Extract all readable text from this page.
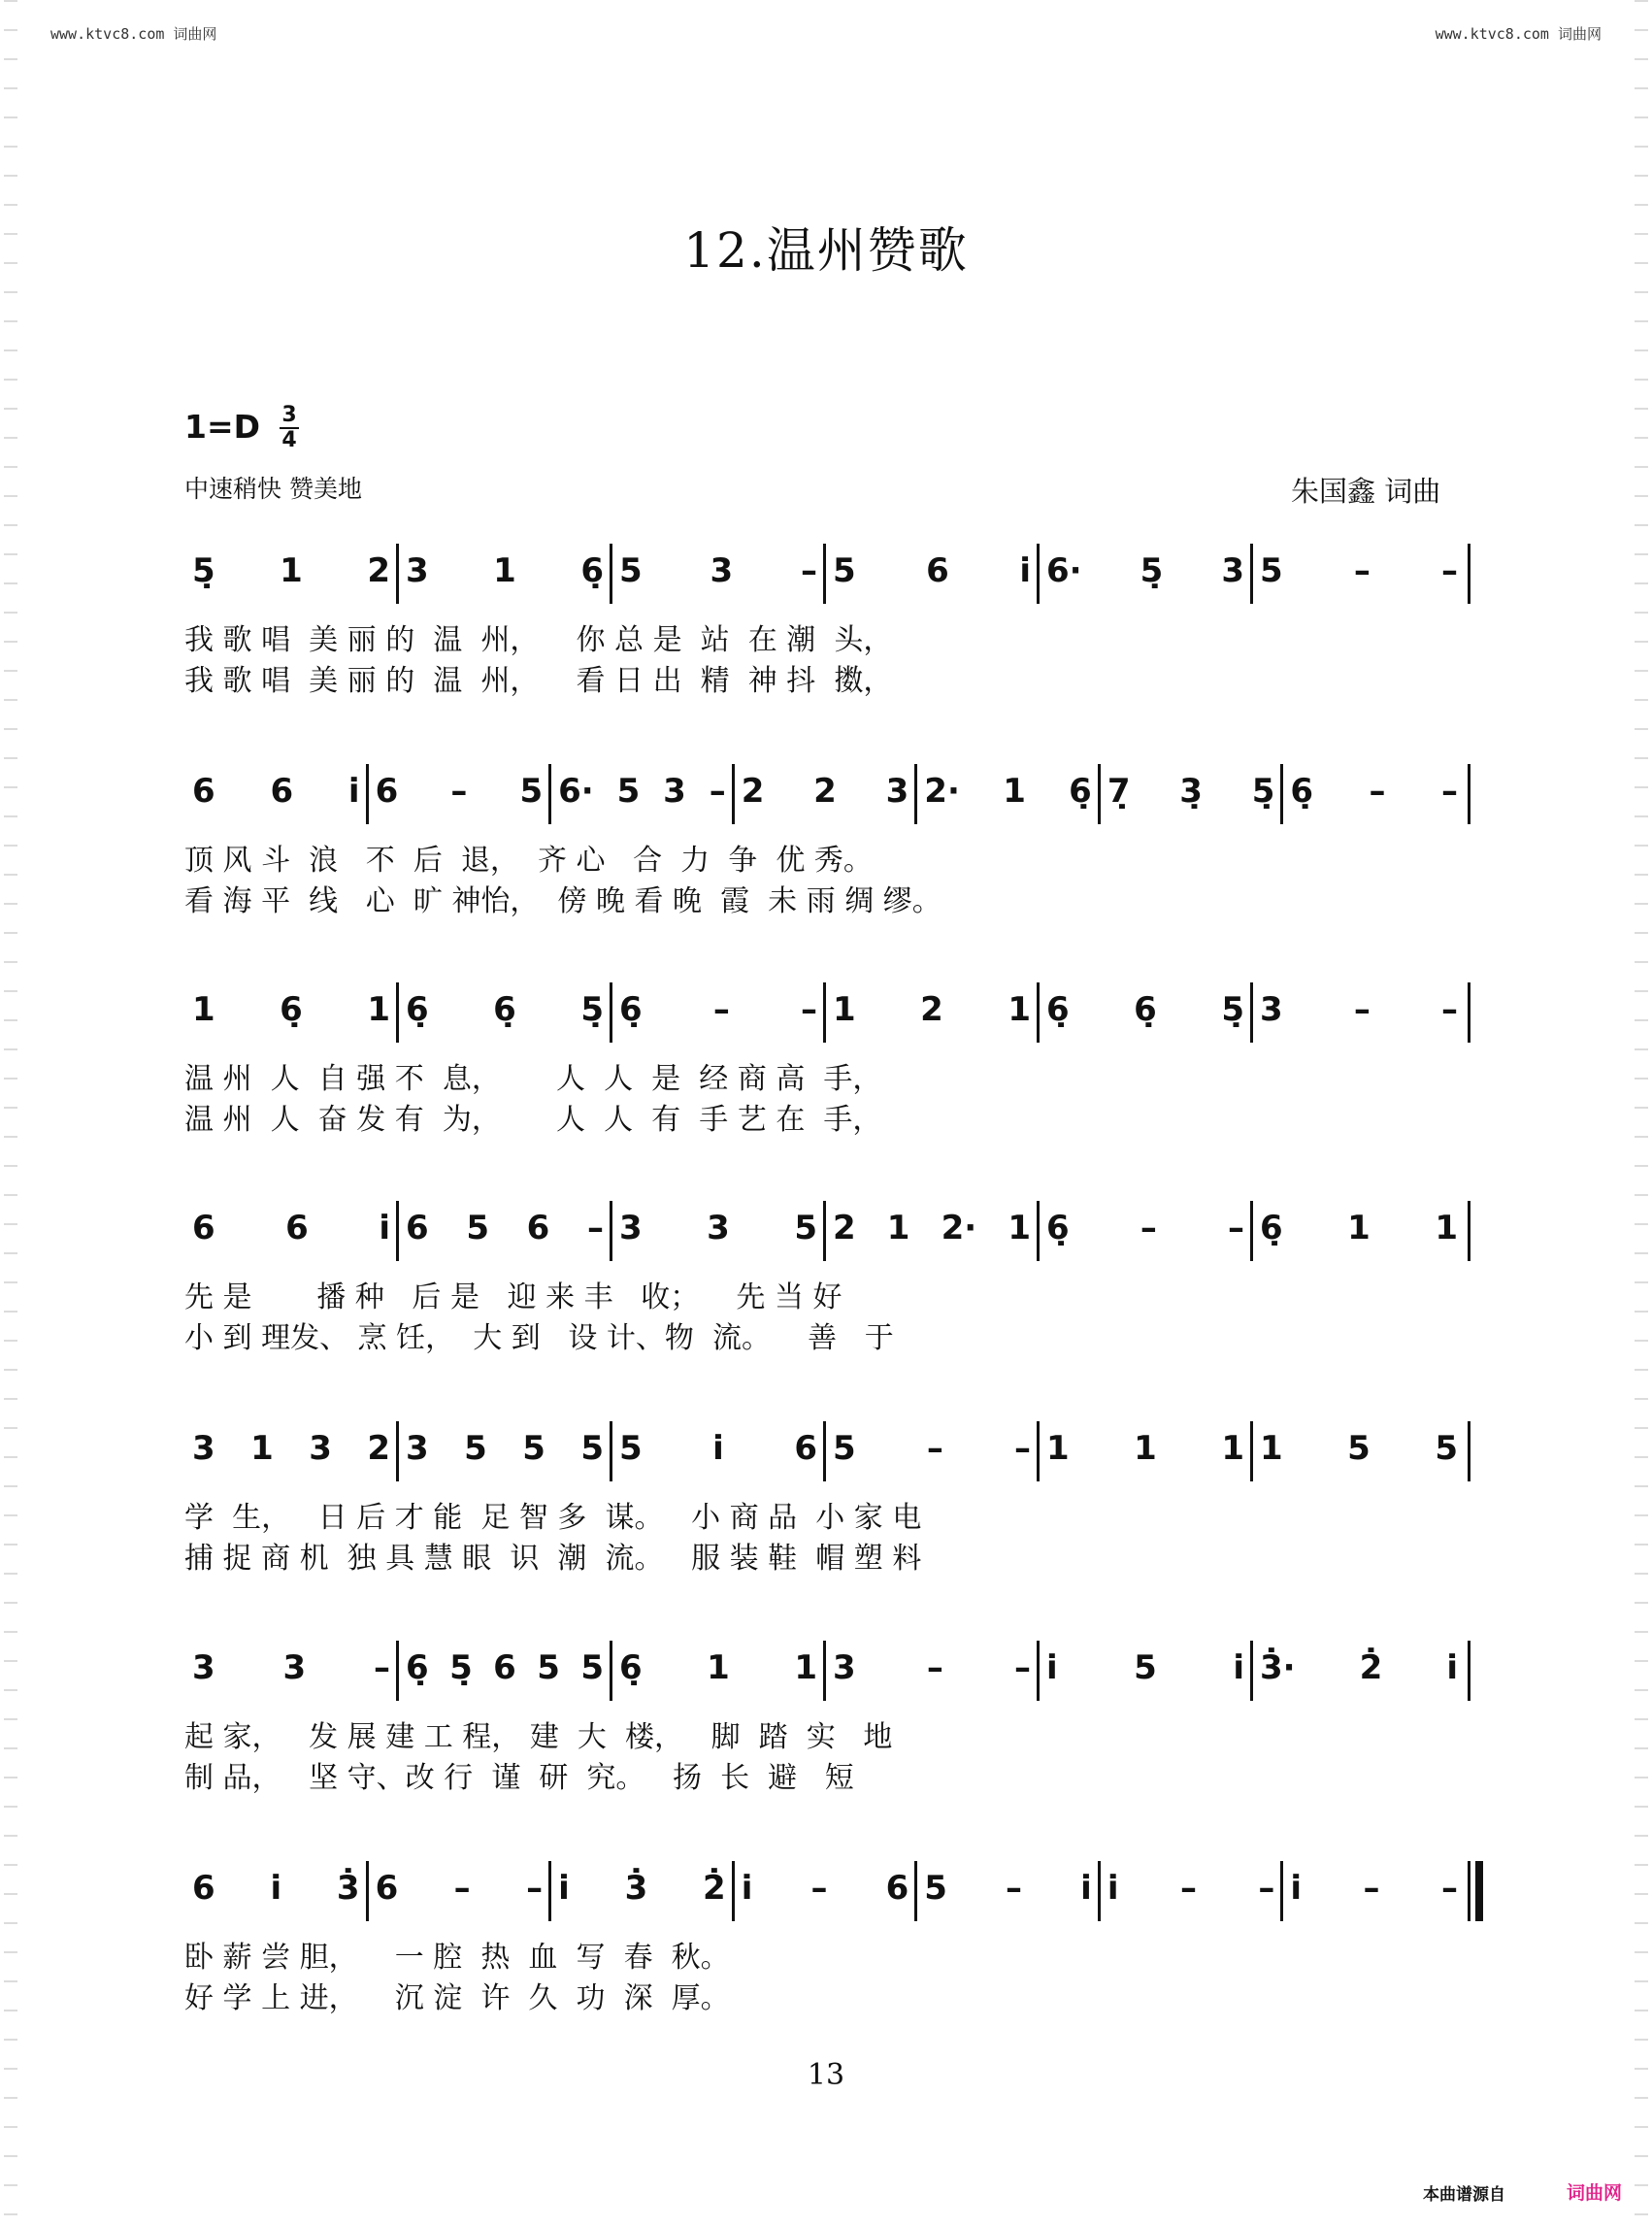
www.ktvc8.com 词曲网	www.ktvc8.com 词曲网
12.温州赞歌
1=D 3
4
中速稍快 赞美地	朱国鑫 词曲
5̣ 1 2 3 1 6̣ 5 3 – 5 6 i̇ 6· 5̣ 3 5 – –
我 歌 唱  美 丽 的  温  州，    你 总 是  站  在 潮  头，
我 歌 唱  美 丽 的  温  州，    看 日 出  精  神 抖  擞，
6 6 i̇ 6 – 5 6· 5 3 – 2 2 3 2· 1 6̣ 7̣ 3̣ 5̣ 6̣ – –
顶 风 斗  浪   不  后  退，  齐 心   合  力  争  优 秀。
看 海 平  线   心  旷 神怡，  傍 晚 看 晚  霞  未 雨 绸 缪。
1 6̣ 1 6̣ 6̣ 5̣ 6̣ – – 1 2 1 6̣ 6̣ 5̣ 3 – –
温 州  人  自 强 不  息，      人  人  是  经 商 高  手，
温 州  人  奋 发 有  为，      人  人  有  手 艺 在  手，
6 6 i̇ 6 5 6 – 3 3 5 2 1 2· 1 6̣ – – 6̣ 1 1
先 是       播 种   后 是   迎 来 丰   收；    先 当 好
小 到 理发、 烹 饪，  大 到   设 计、物  流。    善   于
3 1 3 2 3 5 5 5 5 i̇ 6 5 – – 1 1 1 1 5 5
学  生，   日 后 才 能  足 智 多  谋。   小 商 品  小 家 电
捕 捉 商 机  独 具 慧 眼  识  潮  流。   服 装 鞋  帽 塑 料
3 3 – 6̣ 5̣ 6 5 5 6̣ 1 1 3 – – i̇ 5 i̇ 3̇· 2̇ i̇
起 家，   发 展 建 工 程， 建  大  楼，   脚  踏  实   地
制 品，   坚 守、改 行  谨  研  究。   扬  长  避   短
6 i̇ 3̇ 6 – – i̇ 3̇ 2̇ i̇ – 6 5 – i̇ i̇ – – i̇ – –
卧 薪 尝 胆，    一 腔  热  血  写  春  秋。
好 学 上 进，    沉 淀  许  久  功  深  厚。
13
本曲谱源自	词曲网
